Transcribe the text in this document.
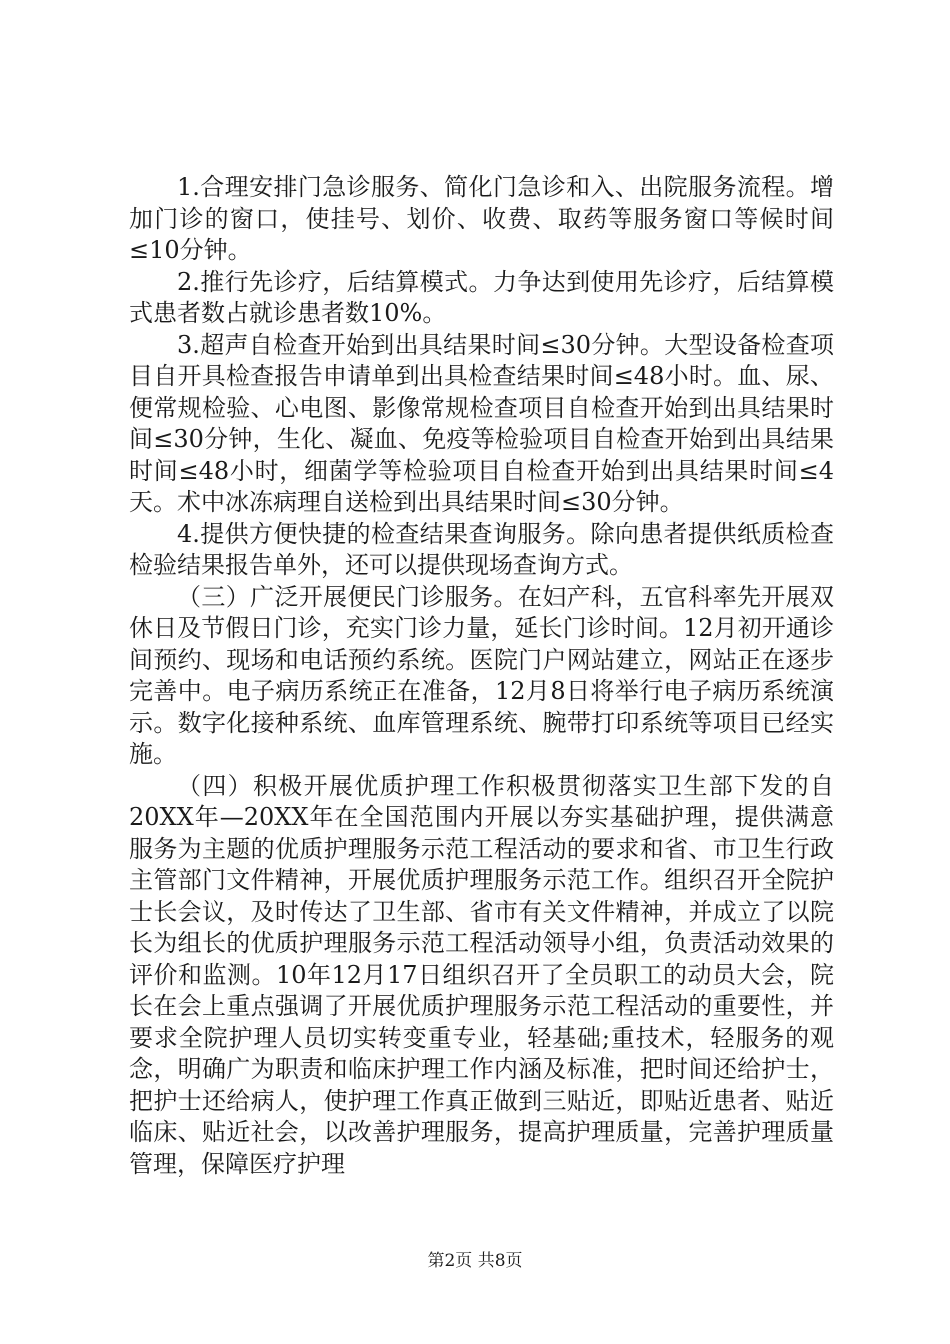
1.合理安排门急诊服务、简化门急诊和入、出院服务流程。增加门诊的窗口，使挂号、划价、收费、取药等服务窗口等候时间≤10分钟。

2.推行先诊疗，后结算模式。力争达到使用先诊疗，后结算模式患者数占就诊患者数10%。

3.超声自检查开始到出具结果时间≤30分钟。大型设备检查项目自开具检查报告申请单到出具检查结果时间≤48小时。血、尿、便常规检验、心电图、影像常规检查项目自检查开始到出具结果时间≤30分钟，生化、凝血、免疫等检验项目自检查开始到出具结果时间≤48小时，细菌学等检验项目自检查开始到出具结果时间≤4天。术中冰冻病理自送检到出具结果时间≤30分钟。

4.提供方便快捷的检查结果查询服务。除向患者提供纸质检查检验结果报告单外，还可以提供现场查询方式。

（三）广泛开展便民门诊服务。在妇产科，五官科率先开展双休日及节假日门诊，充实门诊力量，延长门诊时间。12月初开通诊间预约、现场和电话预约系统。医院门户网站建立，网站正在逐步完善中。电子病历系统正在准备，12月8日将举行电子病历系统演示。数字化接种系统、血库管理系统、腕带打印系统等项目已经实施。

（四）积极开展优质护理工作积极贯彻落实卫生部下发的自20XX年—20XX年在全国范围内开展以夯实基础护理，提供满意服务为主题的优质护理服务示范工程活动的要求和省、市卫生行政主管部门文件精神，开展优质护理服务示范工作。组织召开全院护士长会议，及时传达了卫生部、省市有关文件精神，并成立了以院长为组长的优质护理服务示范工程活动领导小组，负责活动效果的评价和监测。10年12月17日组织召开了全员职工的动员大会，院长在会上重点强调了开展优质护理服务示范工程活动的重要性，并要求全院护理人员切实转变重专业，轻基础;重技术，轻服务的观念，明确广为职责和临床护理工作内涵及标准，把时间还给护士，把护士还给病人，使护理工作真正做到三贴近，即贴近患者、贴近临床、贴近社会，以改善护理服务，提高护理质量，完善护理质量管理，保障医疗护理

第2页 共8页
